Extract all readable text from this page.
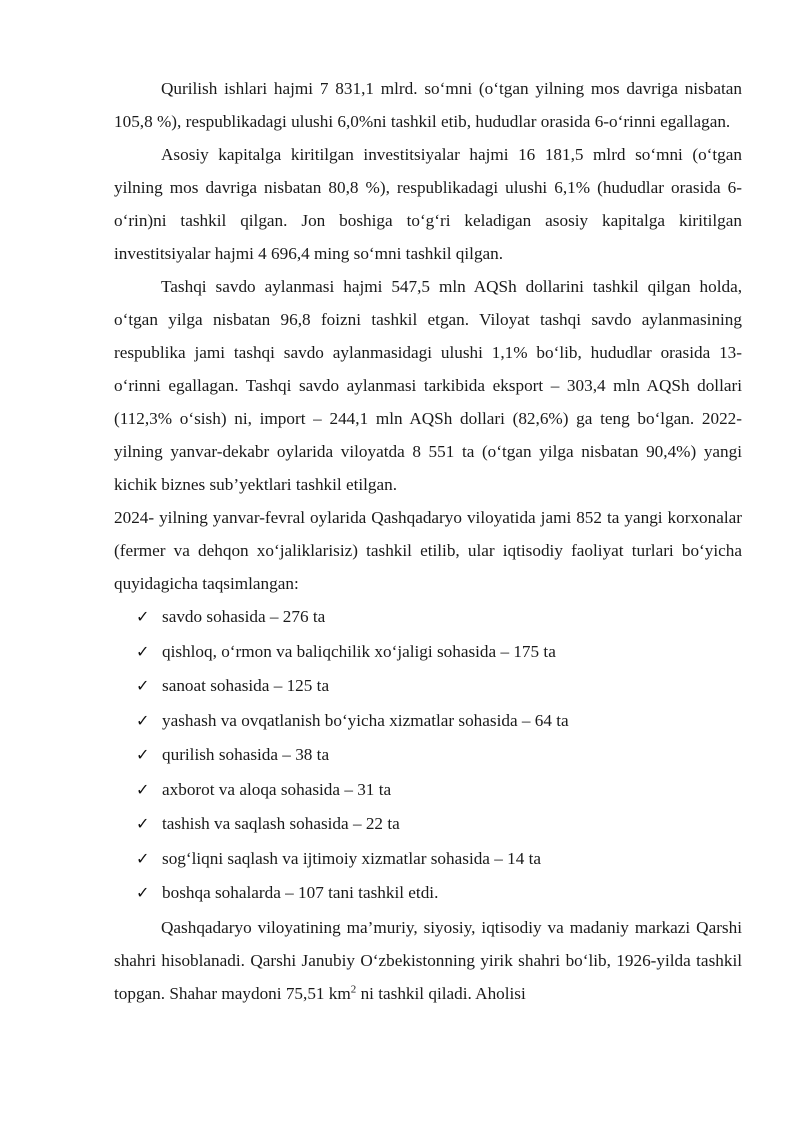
Qurilish ishlari hajmi 7 831,1 mlrd. so‘mni (o‘tgan yilning mos davriga nisbatan 105,8 %), respublikadagi ulushi 6,0%ni tashkil etib, hududlar orasida 6-o‘rinni egallagan.

Asosiy kapitalga kiritilgan investitsiyalar hajmi 16 181,5 mlrd so‘mni (o‘tgan yilning mos davriga nisbatan 80,8 %), respublikadagi ulushi 6,1% (hududlar orasida 6-o‘rin)ni tashkil qilgan. Jon boshiga to‘g‘ri keladigan asosiy kapitalga kiritilgan investitsiyalar hajmi 4 696,4 ming so‘mni tashkil qilgan.

Tashqi savdo aylanmasi hajmi 547,5 mln AQSh dollarini tashkil qilgan holda, o‘tgan yilga nisbatan 96,8 foizni tashkil etgan. Viloyat tashqi savdo aylanmasining respublika jami tashqi savdo aylanmasidagi ulushi 1,1% bo‘lib, hududlar orasida 13-o‘rinni egallagan. Tashqi savdo aylanmasi tarkibida eksport – 303,4 mln AQSh dollari (112,3% o‘sish) ni, import – 244,1 mln AQSh dollari (82,6%) ga teng bo‘lgan. 2022-yilning yanvar-dekabr oylarida viloyatda 8 551 ta (o‘tgan yilga nisbatan 90,4%) yangi kichik biznes sub’yektlari tashkil etilgan.

2024- yilning yanvar-fevral oylarida Qashqadaryo viloyatida jami 852 ta yangi korxonalar (fermer va dehqon xo‘jaliklarisiz) tashkil etilib, ular iqtisodiy faoliyat turlari bo‘yicha quyidagicha taqsimlangan:

✓ savdo sohasida – 276 ta
✓ qishloq, o‘rmon va baliqchilik xo‘jaligi sohasida – 175 ta
✓ sanoat sohasida – 125 ta
✓ yashash va ovqatlanish bo‘yicha xizmatlar sohasida – 64 ta
✓ qurilish sohasida – 38 ta
✓ axborot va aloqa sohasida – 31 ta
✓ tashish va saqlash sohasida – 22 ta
✓ sog‘liqni saqlash va ijtimoiy xizmatlar sohasida – 14 ta
✓ boshqa sohalarda – 107 tani tashkil etdi.

Qashqadaryo viloyatining ma’muriy, siyosiy, iqtisodiy va madaniy markazi Qarshi shahri hisoblanadi. Qarshi Janubiy O‘zbekistonning yirik shahri bo‘lib, 1926-yilda tashkil topgan. Shahar maydoni 75,51 $km^2$ ni tashkil qiladi. Aholisi
